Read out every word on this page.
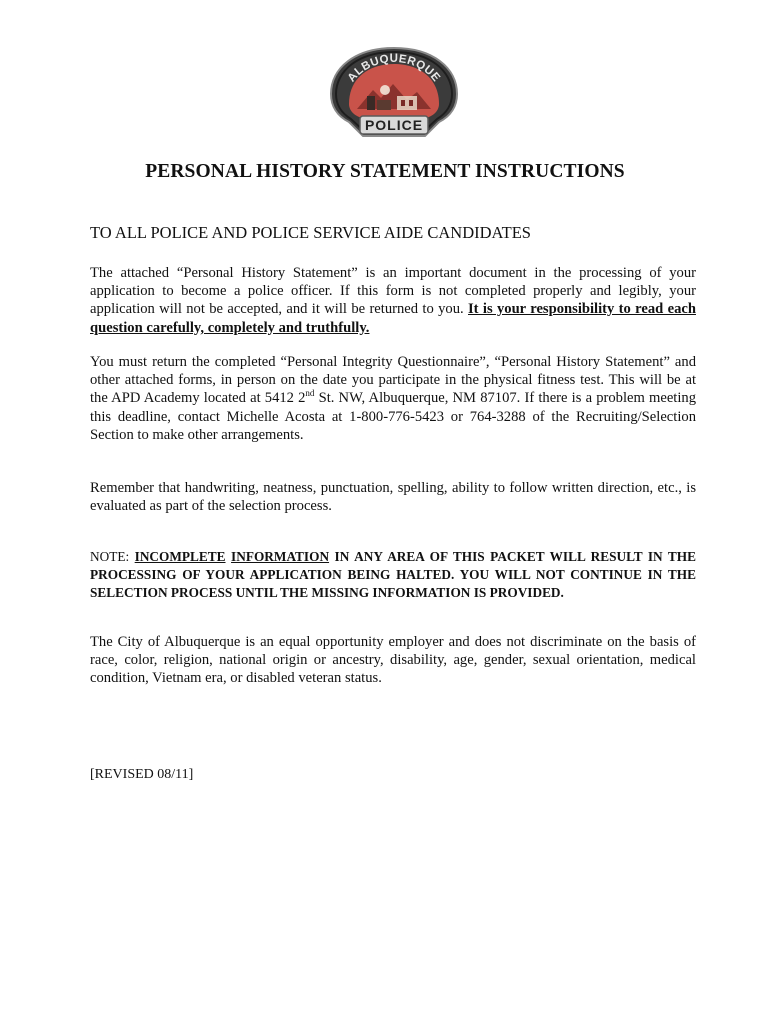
ALBUQUERQUE
POLICE
PERSONAL HISTORY STATEMENT INSTRUCTIONS
TO ALL POLICE AND POLICE SERVICE AIDE CANDIDATES

The attached “Personal History Statement” is an important document in the processing of your application to become a police officer. If this form is not completed properly and legibly, your application will not be accepted, and it will be returned to you. It is your responsibility to read each question carefully, completely and truthfully.

You must return the completed “Personal Integrity Questionnaire”, “Personal History Statement” and other attached forms, in person on the date you participate in the physical fitness test. This will be at the APD Academy located at 5412 2nd St. NW, Albuquerque, NM 87107. If there is a problem meeting this deadline, contact Michelle Acosta at 1-800-776-5423 or 764-3288 of the Recruiting/Selection Section to make other arrangements.

Remember that handwriting, neatness, punctuation, spelling, ability to follow written direction, etc., is evaluated as part of the selection process.

NOTE: INCOMPLETE INFORMATION IN ANY AREA OF THIS PACKET WILL RESULT IN THE PROCESSING OF YOUR APPLICATION BEING HALTED. YOU WILL NOT CONTINUE IN THE SELECTION PROCESS UNTIL THE MISSING INFORMATION IS PROVIDED.

The City of Albuquerque is an equal opportunity employer and does not discriminate on the basis of race, color, religion, national origin or ancestry, disability, age, gender, sexual orientation, medical condition, Vietnam era, or disabled veteran status.

[REVISED 08/11]
